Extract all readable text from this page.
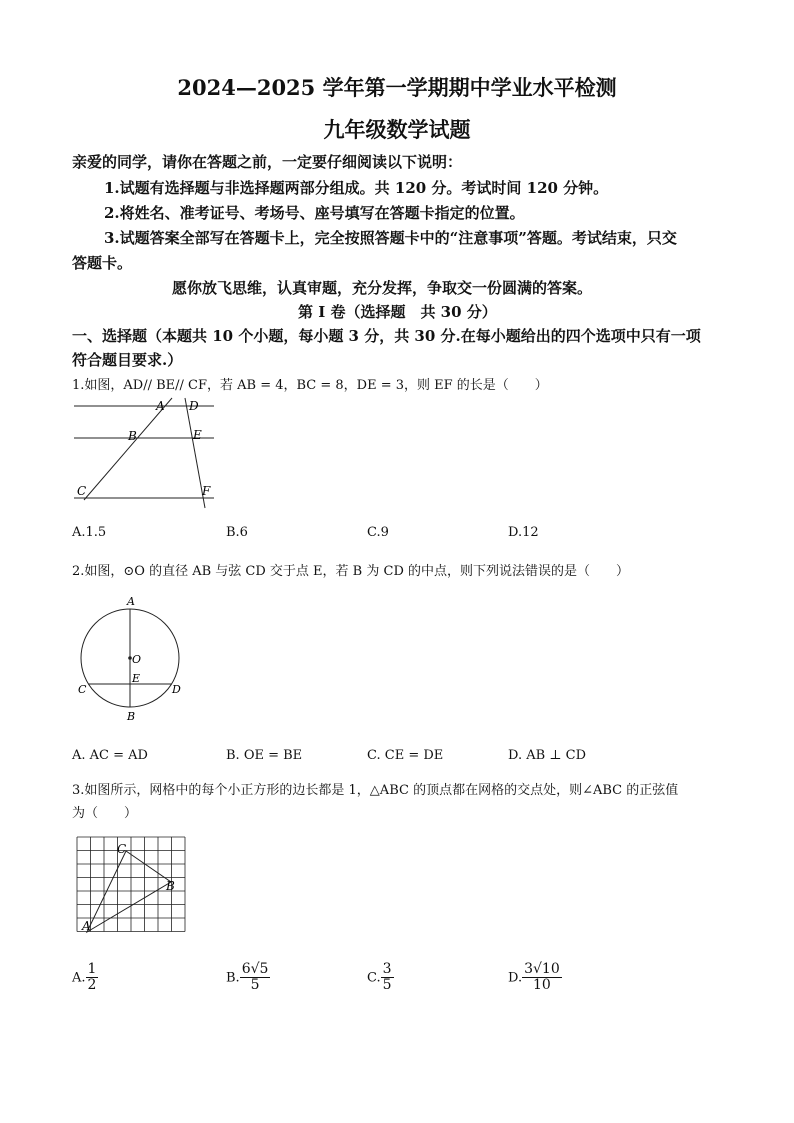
2024—2025 学年第一学期期中学业水平检测
九年级数学试题
亲爱的同学，请你在答题之前，一定要仔细阅读以下说明：
1.试题有选择题与非选择题两部分组成。共 120 分。考试时间 120 分钟。
2.将姓名、准考证号、考场号、座号填写在答题卡指定的位置。
3.试题答案全部写在答题卡上，完全按照答题卡中的“注意事项”答题。考试结束，只交
答题卡。
愿你放飞思维，认真审题，充分发挥，争取交一份圆满的答案。
第 I 卷（选择题　共 30 分）
一、选择题（本题共 10 个小题，每小题 3 分，共 30 分.在每小题给出的四个选项中只有一项
符合题目要求.）
1.如图，AD// BE// CF，若 AB = 4，BC = 8，DE = 3，则 EF 的长是（　　）
A D
B	E
C	F
A.1.5	B.6	C.9	D.12
2.如图，⊙O 的直径 AB 与弦 CD 交于点 E，若 B 为 CD 的中点，则下列说法错误的是（　　）
A
O
C
E
D
B
A. AC = AD	B. OE = BE	C. CE = DE	D. AB ⊥ CD
3.如图所示，网格中的每个小正方形的边长都是 1，△ABC 的顶点都在网格的交点处，则∠ABC 的正弦值
为（　　）
C
B
A
A. $\frac{1}{2}$	B. $\frac{6√5}{5}$	C. $\frac{3}{5}$	D. $\frac{3√10}{10}$
